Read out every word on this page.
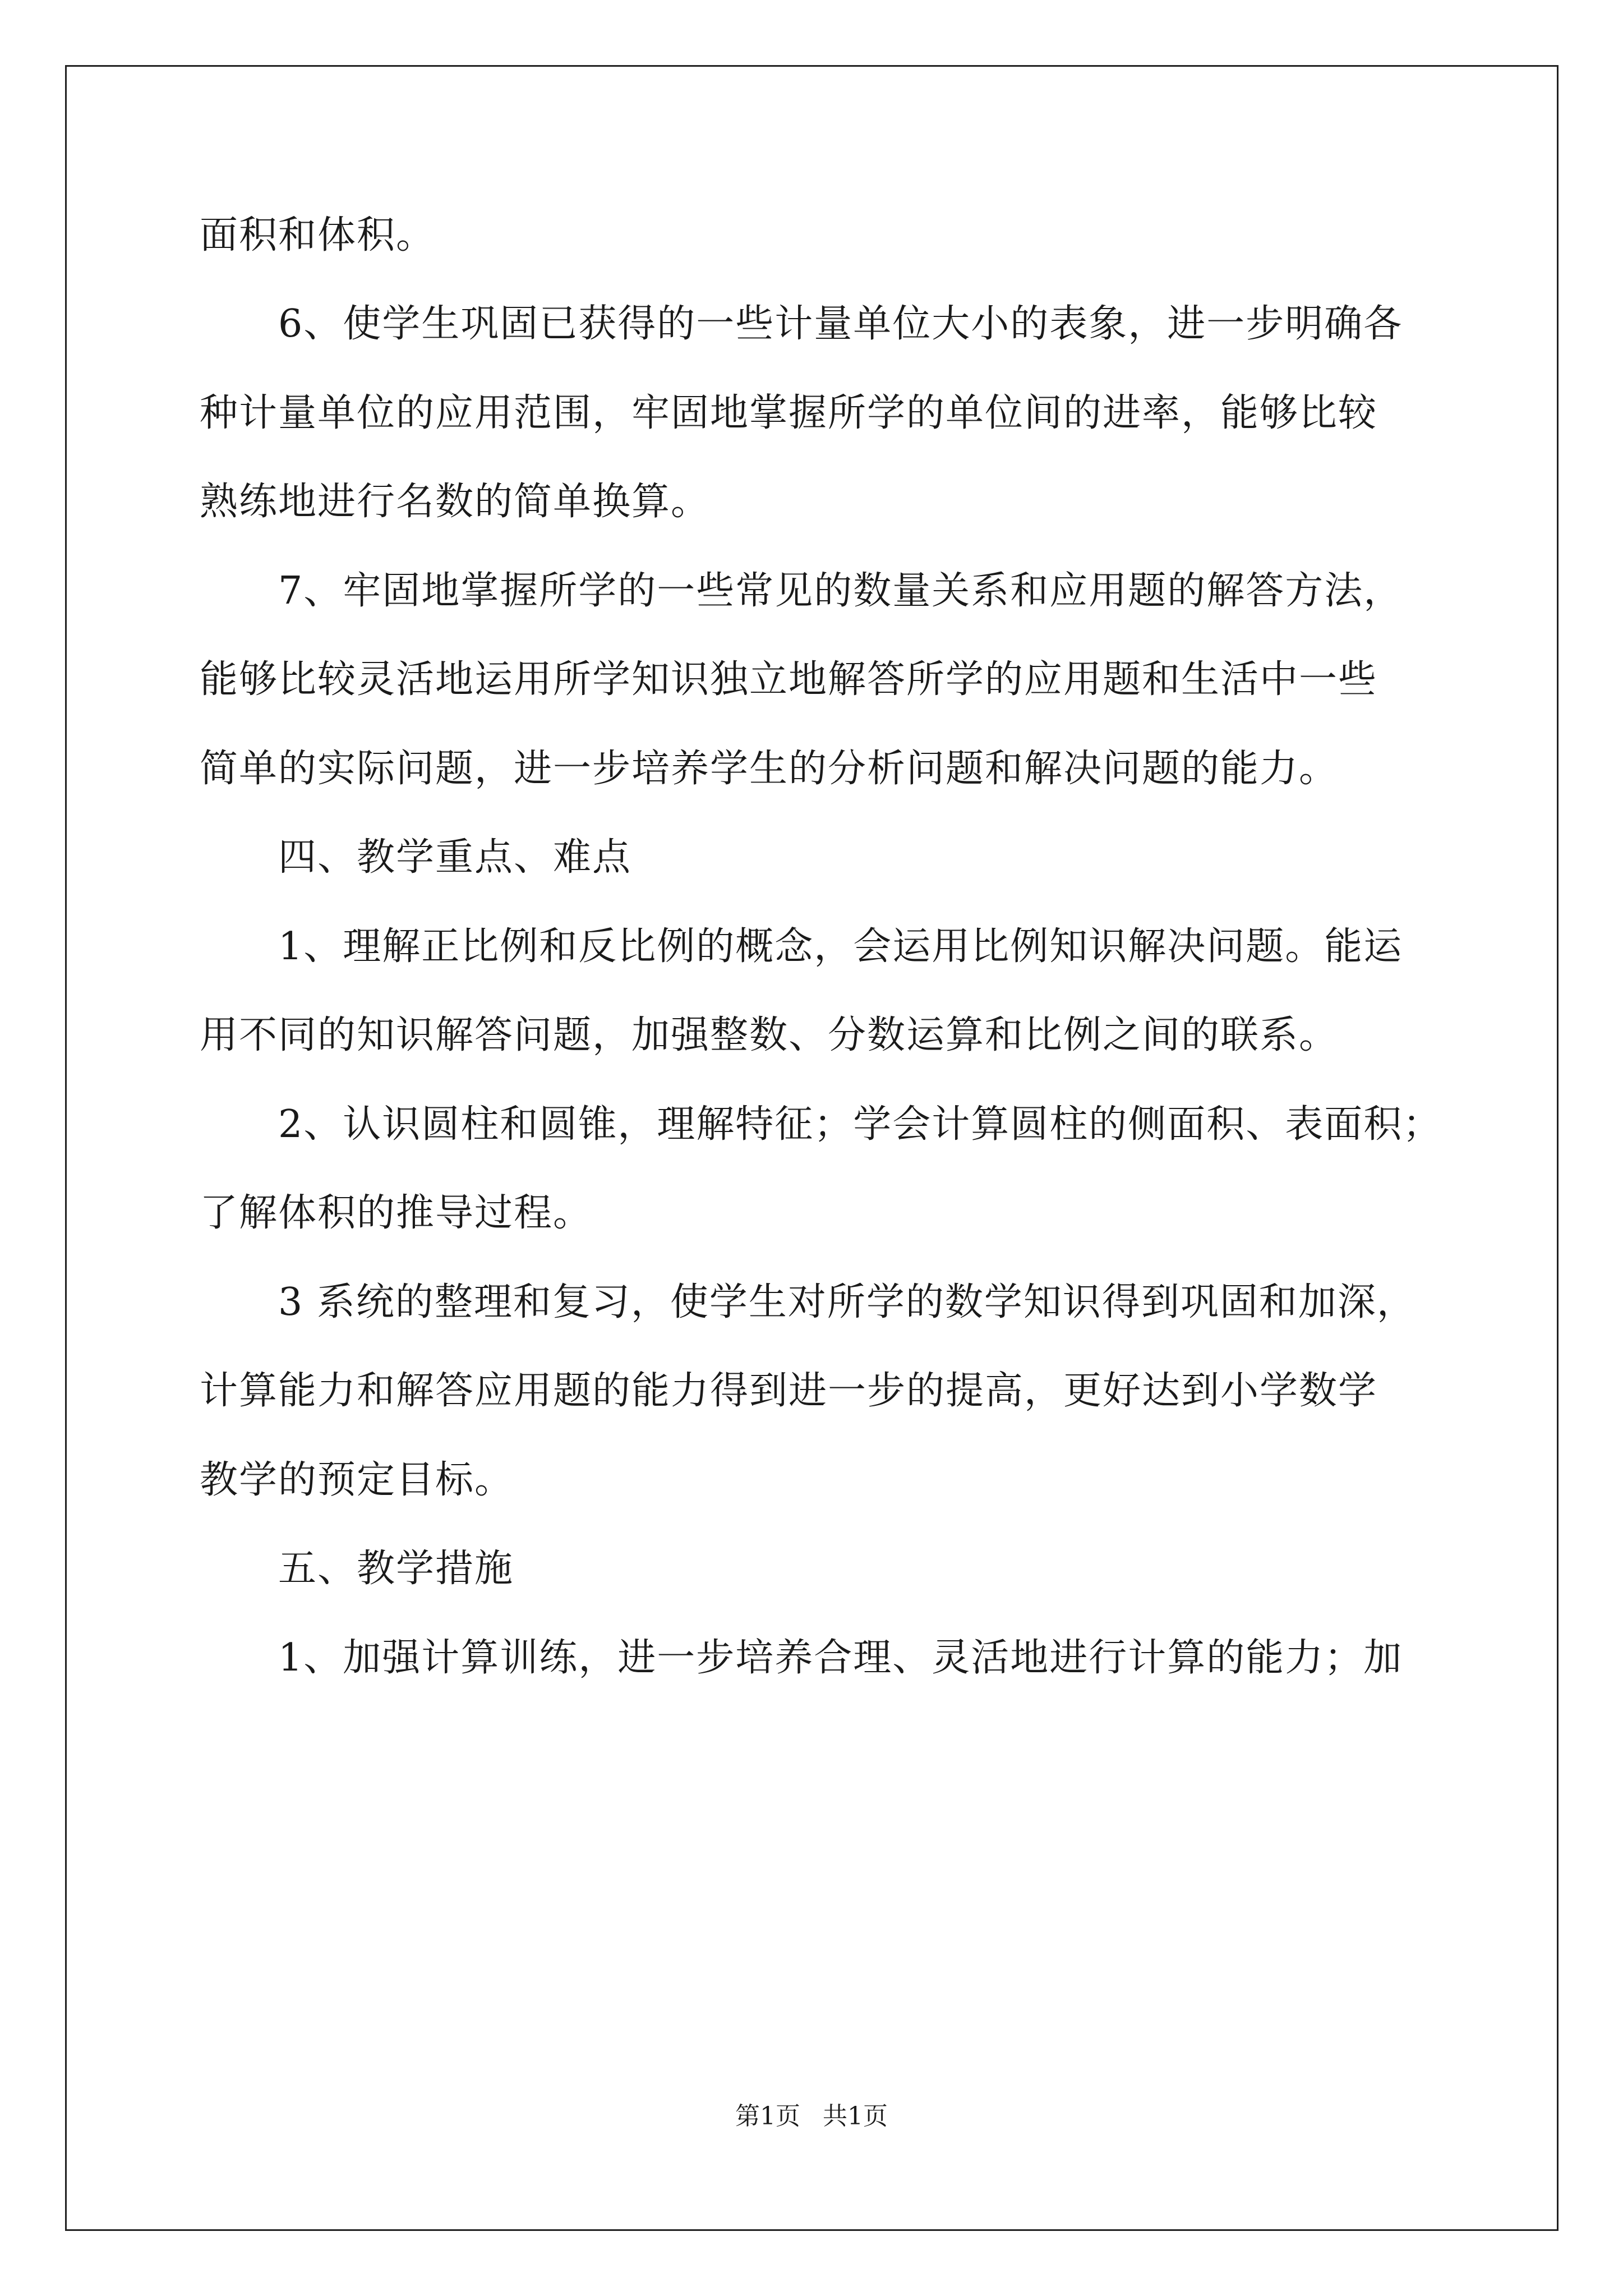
面积和体积。
6、使学生巩固已获得的一些计量单位大小的表象，进一步明确各
种计量单位的应用范围，牢固地掌握所学的单位间的进率，能够比较
熟练地进行名数的简单换算。
7、牢固地掌握所学的一些常见的数量关系和应用题的解答方法，
能够比较灵活地运用所学知识独立地解答所学的应用题和生活中一些
简单的实际问题，进一步培养学生的分析问题和解决问题的能力。
四、教学重点、难点
1、理解正比例和反比例的概念，会运用比例知识解决问题。能运
用不同的知识解答问题，加强整数、分数运算和比例之间的联系。
2、认识圆柱和圆锥，理解特征；学会计算圆柱的侧面积、表面积；
了解体积的推导过程。
3 系统的整理和复习，使学生对所学的数学知识得到巩固和加深，
计算能力和解答应用题的能力得到进一步的提高，更好达到小学数学
教学的预定目标。
五、教学措施
1、加强计算训练，进一步培养合理、灵活地进行计算的能力；加
第1页 共1页
